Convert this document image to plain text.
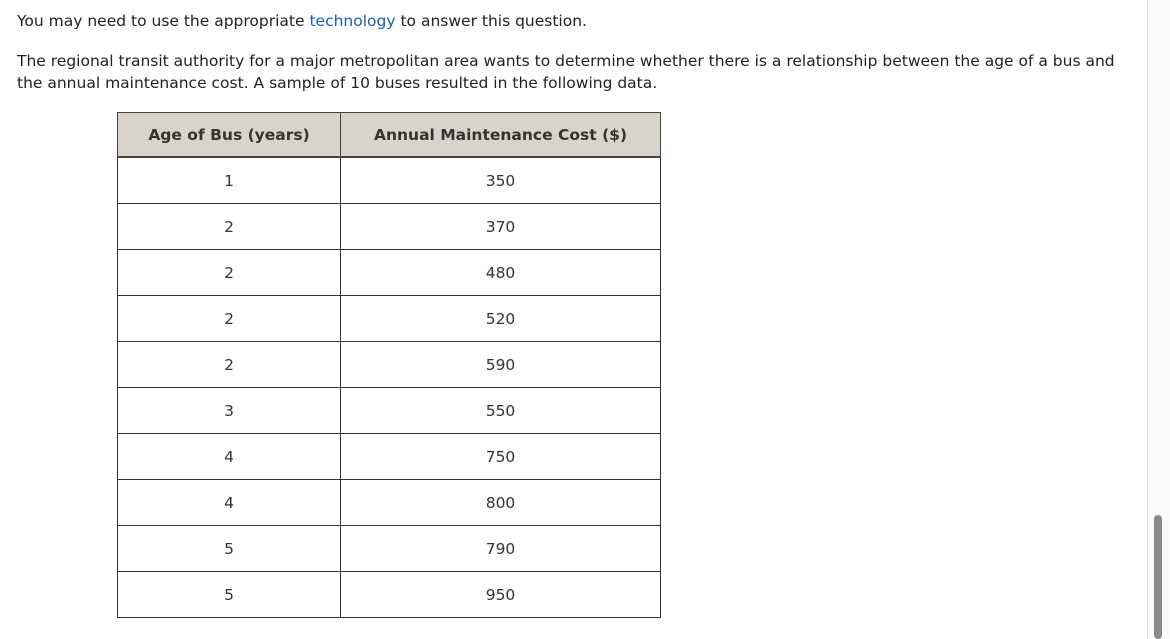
You may need to use the appropriate technology to answer this question.
The regional transit authority for a major metropolitan area wants to determine whether there is a relationship between the age of a bus and the annual maintenance cost. A sample of 10 buses resulted in the following data.
Age of Bus (years)	Annual Maintenance Cost ($)
1	350
2	370
2	480
2	520
2	590
3	550
4	750
4	800
5	790
5	950
